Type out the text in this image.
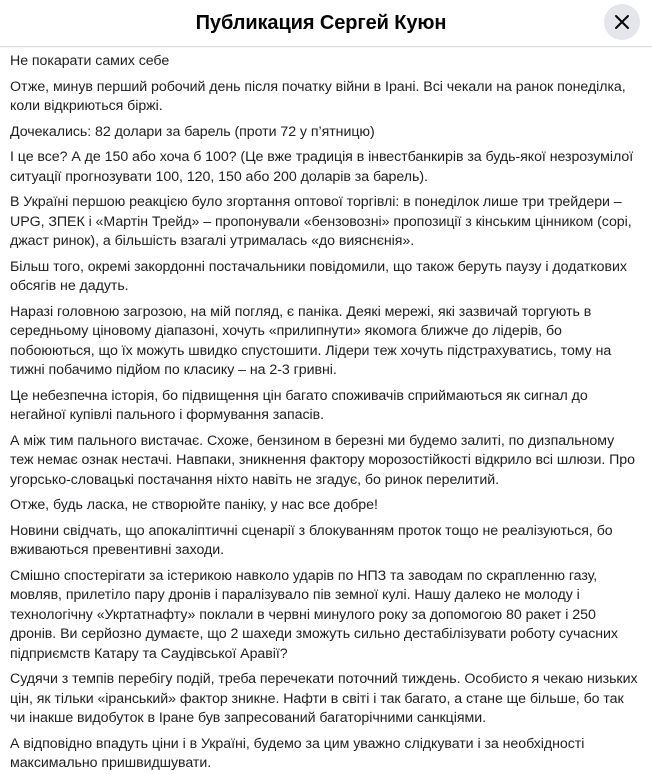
Публикация Сергей Куюн

Не покарати самих себе

Отже, минув перший робочий день після початку війни в Ірані. Всі чекали на ранок понеділка, коли відкриються біржі.

Дочекались: 82 долари за барель (проти 72 у п’ятницю)

І це все? А де 150 або хоча б 100? (Це вже традиція в інвестбанкирів за будь-якої незрозумілої ситуації прогнозувати 100, 120, 150 або 200 доларів за барель).

В Україні першою реакцією було згортання оптової торгівлі: в понеділок лише три трейдери – UPG, ЗПЕК і «Мартін Трейд» – пропонували «бензовозні» пропозиції з кінським цінником (сорі, джаст ринок), а більшість взагалі утрималась «до вияснєнія».

Більш того, окремі закордонні постачальники повідомили, що також беруть паузу і додаткових обсягів не дадуть.

Наразі головною загрозою, на мій погляд, є паніка. Деякі мережі, які зазвичай торгують в середньому ціновому діапазоні, хочуть «прилипнути» якомога ближче до лідерів, бо побоюються, що їх можуть швидко спустошити. Лідери теж хочуть підстрахуватись, тому на тижні побачимо підйом по класику – на 2-3 гривні.

Це небезпечна історія, бо підвищення цін багато споживачів сприймаються як сигнал до негайної купівлі пального і формування запасів.

А між тим пального вистачає. Схоже, бензином в березні ми будемо залиті, по дизпальному теж немає ознак нестачі. Навпаки, зникнення фактору морозостійкості відкрило всі шлюзи. Про угорсько-словацькі постачання ніхто навіть не згадує, бо ринок перелитий.

Отже, будь ласка, не створюйте паніку, у нас все добре!

Новини свідчать, що апокаліптичні сценарії з блокуванням проток тощо не реалізуються, бо вживаються превентивні заходи.

Смішно спостерігати за істерикою навколо ударів по НПЗ та заводам по скрапленню газу, мовляв, прилетіло пару дронів і паралізувало пів земної кулі. Нашу далеко не молоду і технологічну «Укртатнафту» поклали в червні минулого року за допомогою 80 ракет і 250 дронів. Ви серйозно думаєте, що 2 шахеди зможуть сильно дестабілізувати роботу сучасних підприємств Катару та Саудівської Аравії?

Судячи з темпів перебігу подій, треба перечекати поточний тиждень. Особисто я чекаю низьких цін, як тільки «іранський» фактор зникне. Нафти в світі і так багато, а стане ще більше, бо так чи інакше видобуток в Іране був запресований багаторічними санкціями.

А відповідно впадуть ціни і в Україні, будемо за цим уважно слідкувати і за необхідності максимально пришвидшувати.
